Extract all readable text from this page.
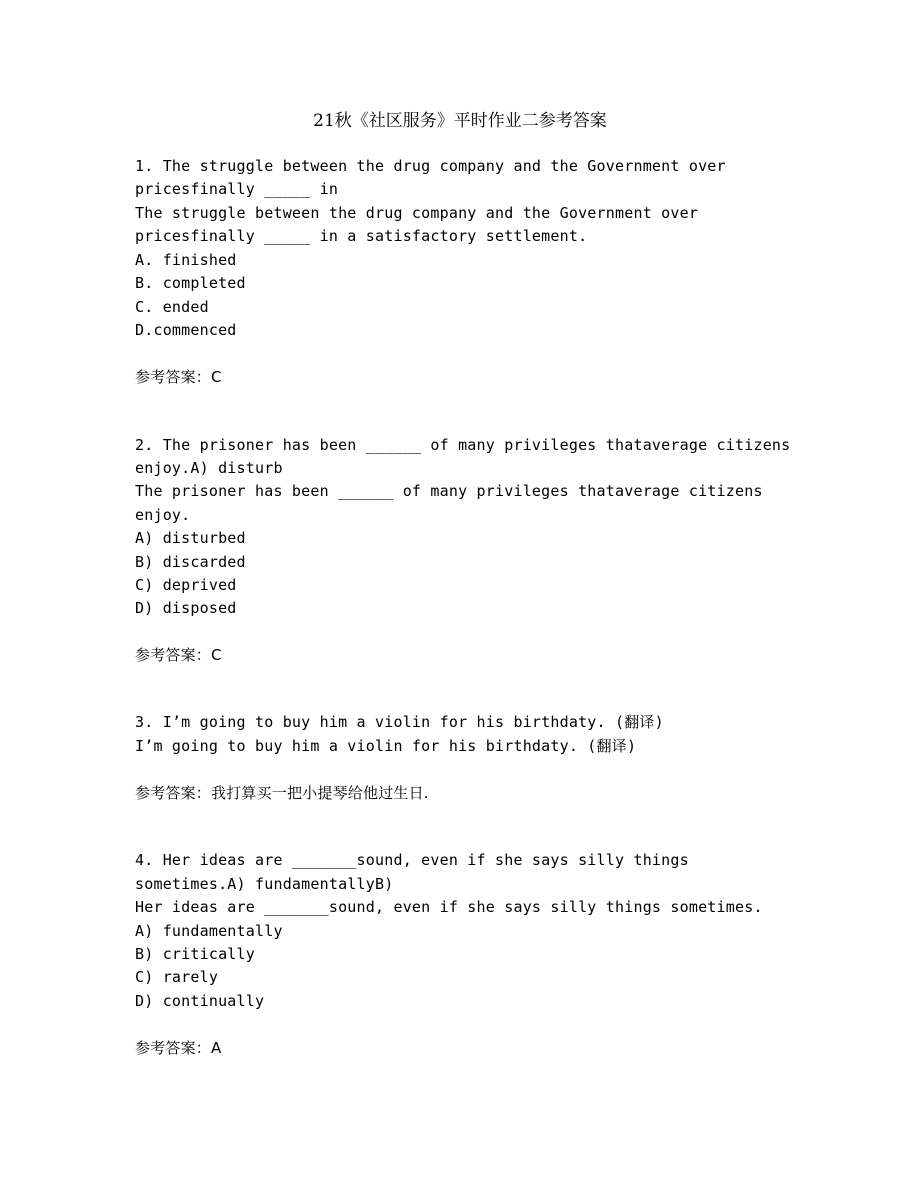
21秋《社区服务》平时作业二参考答案
1. The struggle between the drug company and the Government over
pricesfinally _____ in
The struggle between the drug company and the Government over
pricesfinally _____ in a satisfactory settlement.
A. finished
B. completed
C. ended
D.commenced
参考答案：C
2. The prisoner has been ______ of many privileges thataverage citizens
enjoy.A) disturb
The prisoner has been ______ of many privileges thataverage citizens
enjoy.
A) disturbed
B) discarded
C) deprived
D) disposed
参考答案：C
3. I’m going to buy him a violin for his birthdaty. (翻译)
I’m going to buy him a violin for his birthdaty. (翻译)
参考答案：我打算买一把小提琴给他过生日.
4. Her ideas are _______sound, even if she says silly things
sometimes.A) fundamentallyB)
Her ideas are _______sound, even if she says silly things sometimes.
A) fundamentally
B) critically
C) rarely
D) continually
参考答案：A
